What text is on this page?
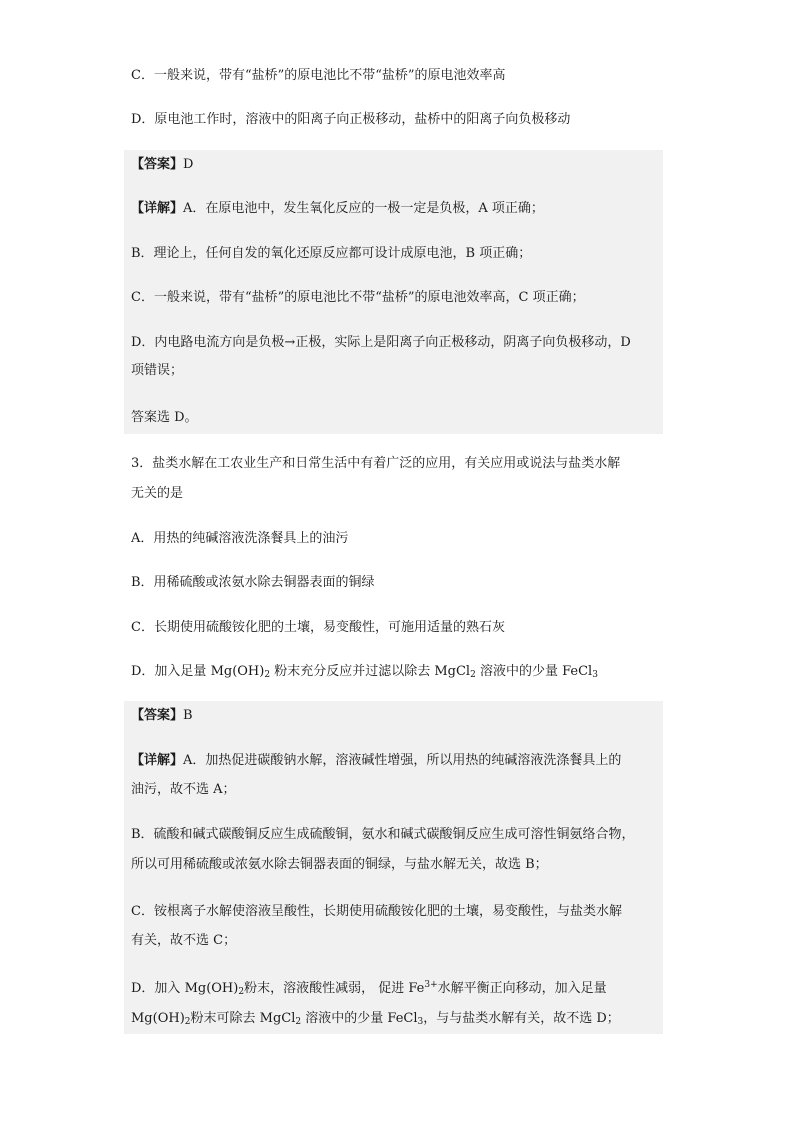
C．一般来说，带有“盐桥”的原电池比不带“盐桥”的原电池效率高
D．原电池工作时，溶液中的阳离子向正极移动，盐桥中的阳离子向负极移动
【答案】D
【详解】A．在原电池中，发生氧化反应的一极一定是负极，A 项正确；
B．理论上，任何自发的氧化还原反应都可设计成原电池，B 项正确；
C．一般来说，带有“盐桥”的原电池比不带“盐桥”的原电池效率高，C 项正确；
D．内电路电流方向是负极→正极，实际上是阳离子向正极移动，阴离子向负极移动，D
项错误；
答案选 D。
3．盐类水解在工农业生产和日常生活中有着广泛的应用，有关应用或说法与盐类水解
无关的是
A．用热的纯碱溶液洗涤餐具上的油污
B．用稀硫酸或浓氨水除去铜器表面的铜绿
C．长期使用硫酸铵化肥的土壤，易变酸性，可施用适量的熟石灰
D．加入足量 $Mg(OH)_2$ 粉末充分反应并过滤以除去 MgCl$_2$ 溶液中的少量 FeCl$_3$
【答案】B
【详解】A．加热促进碳酸钠水解，溶液碱性增强，所以用热的纯碱溶液洗涤餐具上的
油污，故不选 A；
B．硫酸和碱式碳酸铜反应生成硫酸铜，氨水和碱式碳酸铜反应生成可溶性铜氨络合物，
所以可用稀硫酸或浓氨水除去铜器表面的铜绿，与盐水解无关，故选 B；
C．铵根离子水解使溶液呈酸性，长期使用硫酸铵化肥的土壤，易变酸性，与盐类水解
有关，故不选 C；
D．加入 $Mg(OH)_2$粉末，溶液酸性减弱， 促进 $Fe^{3+}$水解平衡正向移动，加入足量
$Mg(OH)_2$粉末可除去 MgCl$_2$ 溶液中的少量 FeCl$_3$，与与盐类水解有关，故不选 D；
